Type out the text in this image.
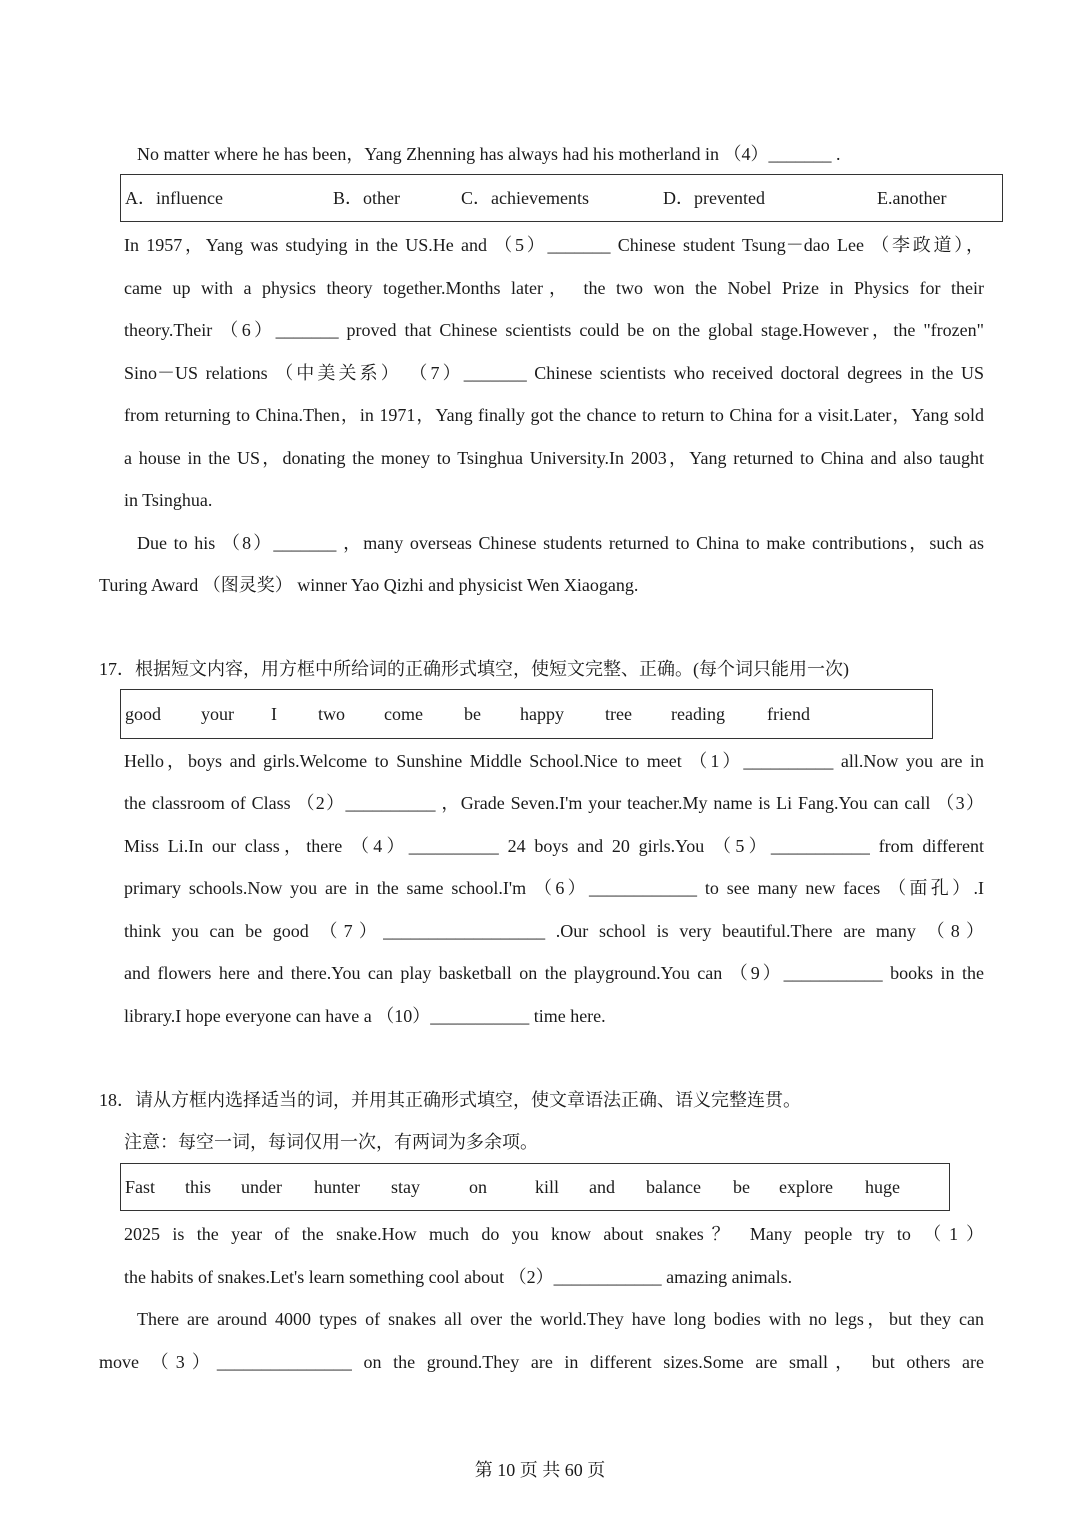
No matter where he has been，Yang Zhenning has always had his motherland in （4）_______ .
A．influence	B．other	C．achievements	D．prevented	E.another
In 1957，Yang was studying in the US.He and （5）_______ Chinese student Tsung－dao Lee （李政道），
came up with a physics theory together.Months later， the two won the Nobel Prize in Physics for their
theory.Their （6）_______ proved that Chinese scientists could be on the global stage.However，the "frozen"
Sino－US relations （中美关系） （7）_______ Chinese scientists who received doctoral degrees in the US
from returning to China.Then，in 1971，Yang finally got the chance to return to China for a visit.Later，Yang sold
a house in the US，donating the money to Tsinghua University.In 2003，Yang returned to China and also taught
in Tsinghua.
Due to his （8）_______ ，many overseas Chinese students returned to China to make contributions，such as
Turing Award （图灵奖） winner Yao Qizhi and physicist Wen Xiaogang.
17．根据短文内容，用方框中所给词的正确形式填空，使短文完整、正确。(每个词只能用一次)
good your I two come be happy tree reading friend
Hello，boys and girls.Welcome to Sunshine Middle School.Nice to meet （1）__________ all.Now you are in
the classroom of Class （2）__________ ，Grade Seven.I'm your teacher.My name is Li Fang.You can call （3）
Miss Li.In our class，there （4）__________ 24 boys and 20 girls.You （5）___________ from different
primary schools.Now you are in the same school.I'm （6）____________ to see many new faces （面孔）.I
think you can be good （7）__________________ .Our school is very beautiful.There are many （8）
and flowers here and there.You can play basketball on the playground.You can （9）___________ books in the
library.I hope everyone can have a （10）___________ time here.
18．请从方框内选择适当的词，并用其正确形式填空，使文章语法正确、语义完整连贯。
注意：每空一词，每词仅用一次，有两词为多余项。
Fast this under hunter stay	on	kill and balance be explore huge
2025 is the year of the snake.How much do you know about snakes？ Many people try to （1）
the habits of snakes.Let's learn something cool about （2）____________ amazing animals.
There are around 4000 types of snakes all over the world.They have long bodies with no legs，but they can
move （3）_______________ on the ground.They are in different sizes.Some are small， but others are
第 10 页 共 60 页
